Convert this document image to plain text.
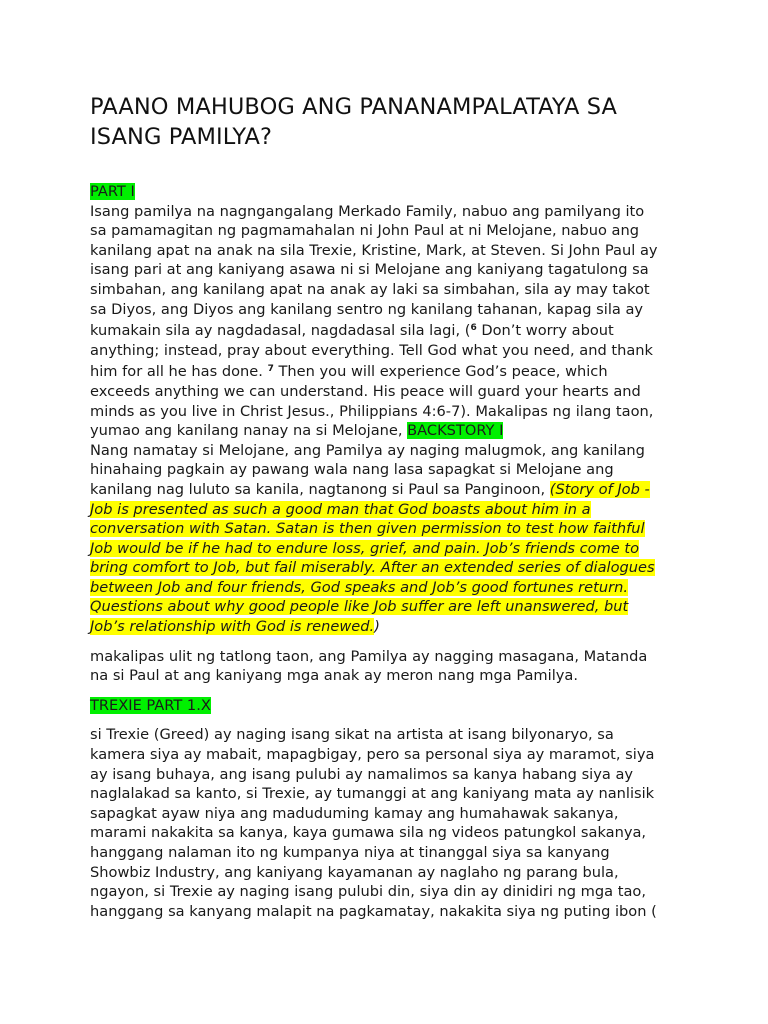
PAANO MAHUBOG ANG PANANAMPALATAYA SA ISANG PAMILYA?
PART I
Isang pamilya na nagngangalang Merkado Family, nabuo ang pamilyang ito
sa pamamagitan ng pagmamahalan ni John Paul at ni Melojane, nabuo ang
kanilang apat na anak na sila Trexie, Kristine, Mark, at Steven. Si John Paul ay
isang pari at ang kaniyang asawa ni si Melojane ang kaniyang tagatulong sa
simbahan, ang kanilang apat na anak ay laki sa simbahan, sila ay may takot
sa Diyos, ang Diyos ang kanilang sentro ng kanilang tahanan, kapag sila ay
kumakain sila ay nagdadasal, nagdadasal sila lagi, ($^6$ Don’t worry about
anything; instead, pray about everything. Tell God what you need, and thank
him for all he has done. $^7$ Then you will experience God’s peace, which
exceeds anything we can understand. His peace will guard your hearts and
minds as you live in Christ Jesus., Philippians 4:6-7). Makalipas ng ilang taon,
yumao ang kanilang nanay na si Melojane, BACKSTORY I
Nang namatay si Melojane, ang Pamilya ay naging malugmok, ang kanilang
hinahaing pagkain ay pawang wala nang lasa sapagkat si Melojane ang
kanilang nag luluto sa kanila, nagtanong si Paul sa Panginoon, (Story of Job -
Job is presented as such a good man that God boasts about him in a
conversation with Satan. Satan is then given permission to test how faithful
Job would be if he had to endure loss, grief, and pain. Job’s friends come to
bring comfort to Job, but fail miserably. After an extended series of dialogues
between Job and four friends, God speaks and Job’s good fortunes return.
Questions about why good people like Job suffer are left unanswered, but
Job’s relationship with God is renewed.)
makalipas ulit ng tatlong taon, ang Pamilya ay nagging masagana, Matanda
na si Paul at ang kaniyang mga anak ay meron nang mga Pamilya.
TREXIE PART 1.X
si Trexie (Greed) ay naging isang sikat na artista at isang bilyonaryo, sa
kamera siya ay mabait, mapagbigay, pero sa personal siya ay maramot, siya
ay isang buhaya, ang isang pulubi ay namalimos sa kanya habang siya ay
naglalakad sa kanto, si Trexie, ay tumanggi at ang kaniyang mata ay nanlisik
sapagkat ayaw niya ang maduduming kamay ang humahawak sakanya,
marami nakakita sa kanya, kaya gumawa sila ng videos patungkol sakanya,
hanggang nalaman ito ng kumpanya niya at tinanggal siya sa kanyang
Showbiz Industry, ang kaniyang kayamanan ay naglaho ng parang bula,
ngayon, si Trexie ay naging isang pulubi din, siya din ay dinidiri ng mga tao,
hanggang sa kanyang malapit na pagkamatay, nakakita siya ng puting ibon (
